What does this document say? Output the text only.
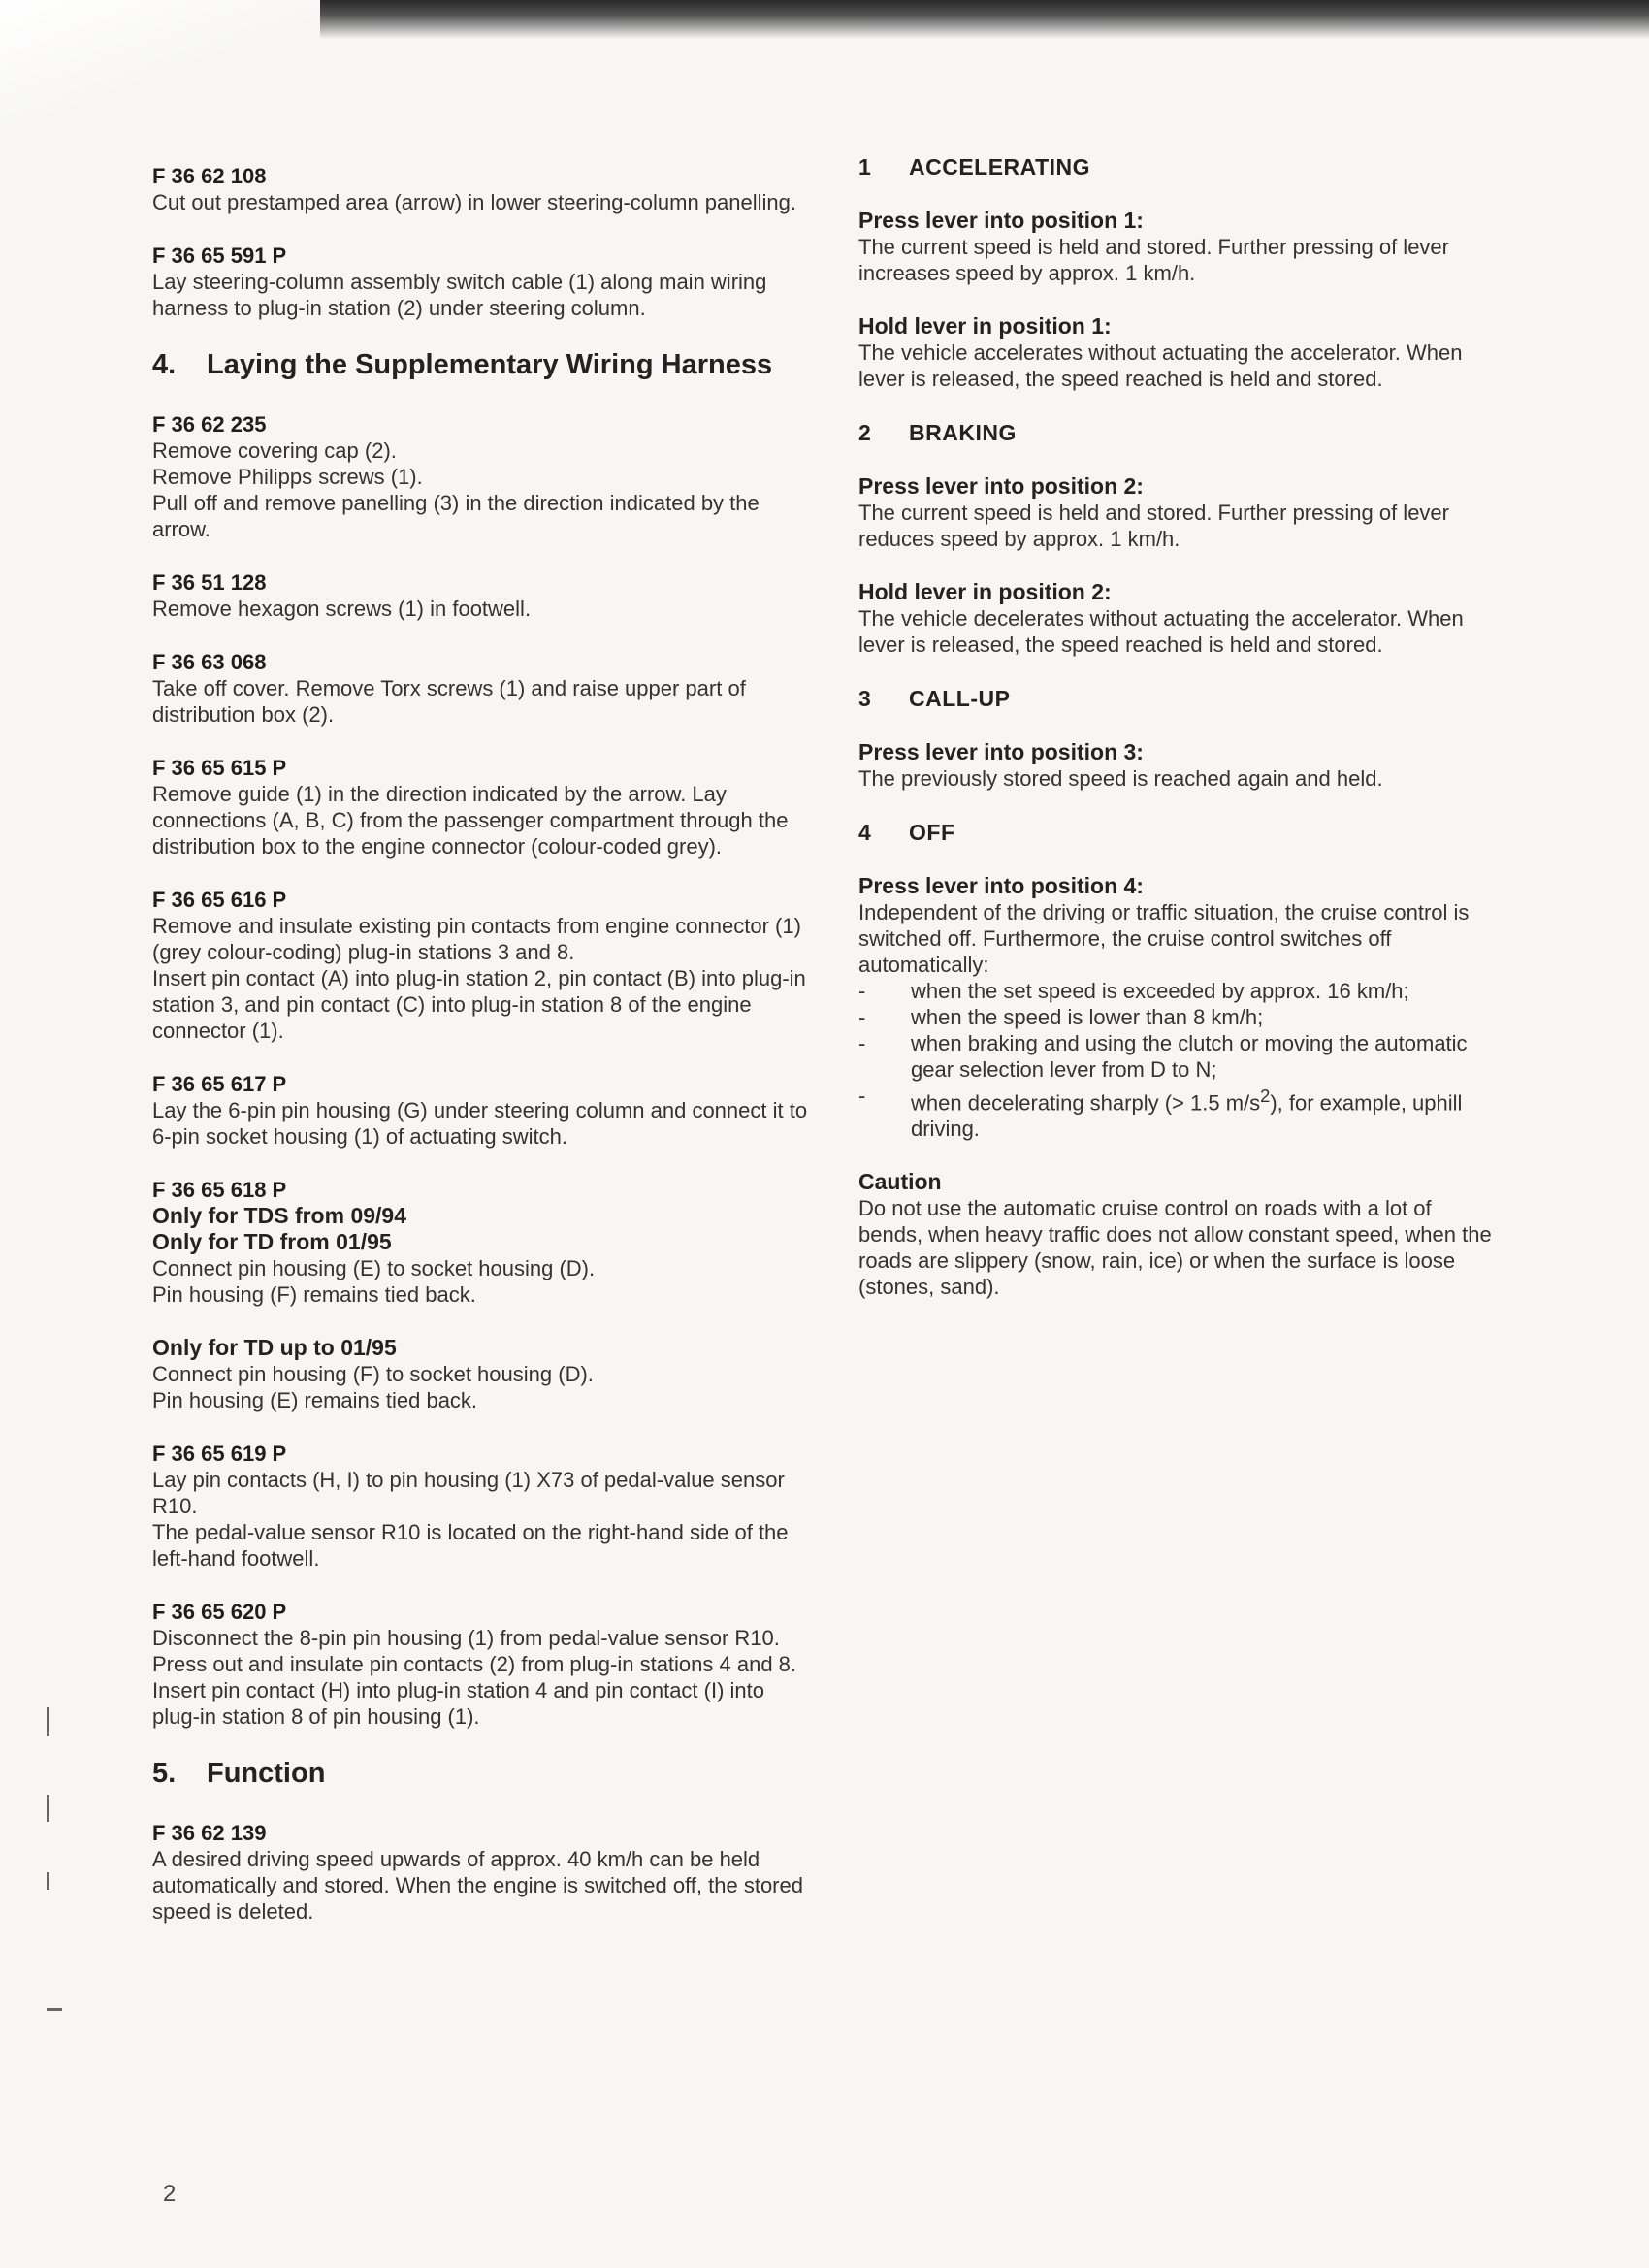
F 36 62 108

Cut out prestamped area (arrow) in lower steering-column panelling.

F 36 65 591 P

Lay steering-column assembly switch cable (1) along main wiring harness to plug-in station (2) under steering column.

4.	Laying the Supplementary Wiring Harness
F 36 62 235

Remove covering cap (2).

Remove Philipps screws (1).

Pull off and remove panelling (3) in the direction indicated by the arrow.

F 36 51 128

Remove hexagon screws (1) in footwell.

F 36 63 068

Take off cover. Remove Torx screws (1) and raise upper part of distribution box (2).

F 36 65 615 P

Remove guide (1) in the direction indicated by the arrow. Lay connections (A, B, C) from the passenger compartment through the distribution box to the engine connector (colour-coded grey).

F 36 65 616 P

Remove and insulate existing pin contacts from engine connector (1) (grey colour-coding) plug-in stations 3 and 8.

Insert pin contact (A) into plug-in station 2, pin contact (B) into plug-in station 3, and pin contact (C) into plug-in station 8 of the engine connector (1).

F 36 65 617 P

Lay the 6-pin pin housing (G) under steering column and connect it to 6-pin socket housing (1) of actuating switch.

F 36 65 618 P
Only for TDS from 09/94
Only for TD from 01/95

Connect pin housing (E) to socket housing (D).

Pin housing (F) remains tied back.

Only for TD up to 01/95

Connect pin housing (F) to socket housing (D).

Pin housing (E) remains tied back.

F 36 65 619 P

Lay pin contacts (H, I) to pin housing (1) X73 of pedal-value sensor R10.

The pedal-value sensor R10 is located on the right-hand side of the left-hand footwell.

F 36 65 620 P

Disconnect the 8-pin pin housing (1) from pedal-value sensor R10.

Press out and insulate pin contacts (2) from plug-in stations 4 and 8. Insert pin contact (H) into plug-in station 4 and pin contact (I) into plug-in station 8 of pin housing (1).

5.	Function
F 36 62 139

A desired driving speed upwards of approx. 40 km/h can be held automatically and stored. When the engine is switched off, the stored speed is deleted.

1	ACCELERATING
Press lever into position 1:

The current speed is held and stored. Further pressing of lever increases speed by approx. 1 km/h.

Hold lever in position 1:

The vehicle accelerates without actuating the accelerator. When lever is released, the speed reached is held and stored.

2	BRAKING
Press lever into position 2:

The current speed is held and stored. Further pressing of lever reduces speed by approx. 1 km/h.

Hold lever in position 2:

The vehicle decelerates without actuating the accelerator. When lever is released, the speed reached is held and stored.

3	CALL-UP
Press lever into position 3:

The previously stored speed is reached again and held.

4	OFF
Press lever into position 4:

Independent of the driving or traffic situation, the cruise control is switched off. Furthermore, the cruise control switches off automatically:

-	when the set speed is exceeded by approx. 16 km/h;
-	when the speed is lower than 8 km/h;
-	when braking and using the clutch or moving the automatic gear selection lever from D to N;
-	when decelerating sharply (> 1.5 $m/s^2$), for example, uphill driving.
Caution

Do not use the automatic cruise control on roads with a lot of bends, when heavy traffic does not allow constant speed, when the roads are slippery (snow, rain, ice) or when the surface is loose (stones, sand).

2
